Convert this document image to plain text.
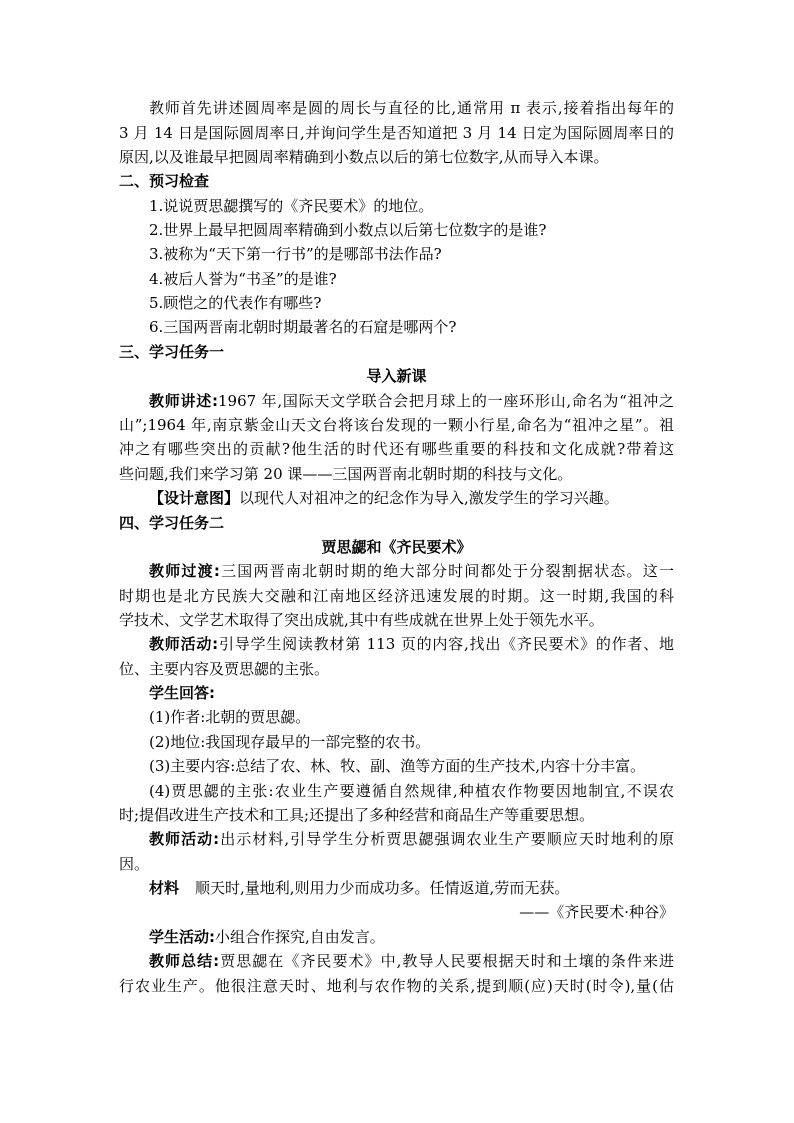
教师首先讲述圆周率是圆的周长与直径的比,通常用 π 表示,接着指出每年的
3 月 14 日是国际圆周率日,并询问学生是否知道把 3 月 14 日定为国际圆周率日的
原因,以及谁最早把圆周率精确到小数点以后的第七位数字,从而导入本课。
二、预习检查
1.说说贾思勰撰写的《齐民要术》的地位。
2.世界上最早把圆周率精确到小数点以后第七位数字的是谁?
3.被称为“天下第一行书”的是哪部书法作品?
4.被后人誉为“书圣”的是谁?
5.顾恺之的代表作有哪些?
6.三国两晋南北朝时期最著名的石窟是哪两个?
三、学习任务一
导入新课
教师讲述:1967 年,国际天文学联合会把月球上的一座环形山,命名为“祖冲之
山”;1964 年,南京紫金山天文台将该台发现的一颗小行星,命名为“祖冲之星”。祖
冲之有哪些突出的贡献?他生活的时代还有哪些重要的科技和文化成就?带着这
些问题,我们来学习第 20 课——三国两晋南北朝时期的科技与文化。
【设计意图】以现代人对祖冲之的纪念作为导入,激发学生的学习兴趣。
四、学习任务二
贾思勰和《齐民要术》
教师过渡:三国两晋南北朝时期的绝大部分时间都处于分裂割据状态。这一
时期也是北方民族大交融和江南地区经济迅速发展的时期。这一时期,我国的科
学技术、文学艺术取得了突出成就,其中有些成就在世界上处于领先水平。
教师活动:引导学生阅读教材第 113 页的内容,找出《齐民要术》的作者、地
位、主要内容及贾思勰的主张。
学生回答:
(1)作者:北朝的贾思勰。
(2)地位:我国现存最早的一部完整的农书。
(3)主要内容:总结了农、林、牧、副、渔等方面的生产技术,内容十分丰富。
(4)贾思勰的主张:农业生产要遵循自然规律,种植农作物要因地制宜,不误农
时;提倡改进生产技术和工具;还提出了多种经营和商品生产等重要思想。
教师活动:出示材料,引导学生分析贾思勰强调农业生产要顺应天时地利的原
因。
材料 顺天时,量地利,则用力少而成功多。任情返道,劳而无获。
——《齐民要术·种谷》
学生活动:小组合作探究,自由发言。
教师总结:贾思勰在《齐民要术》中,教导人民要根据天时和土壤的条件来进
行农业生产。他很注意天时、地利与农作物的关系,提到顺(应)天时(时令),量(估
